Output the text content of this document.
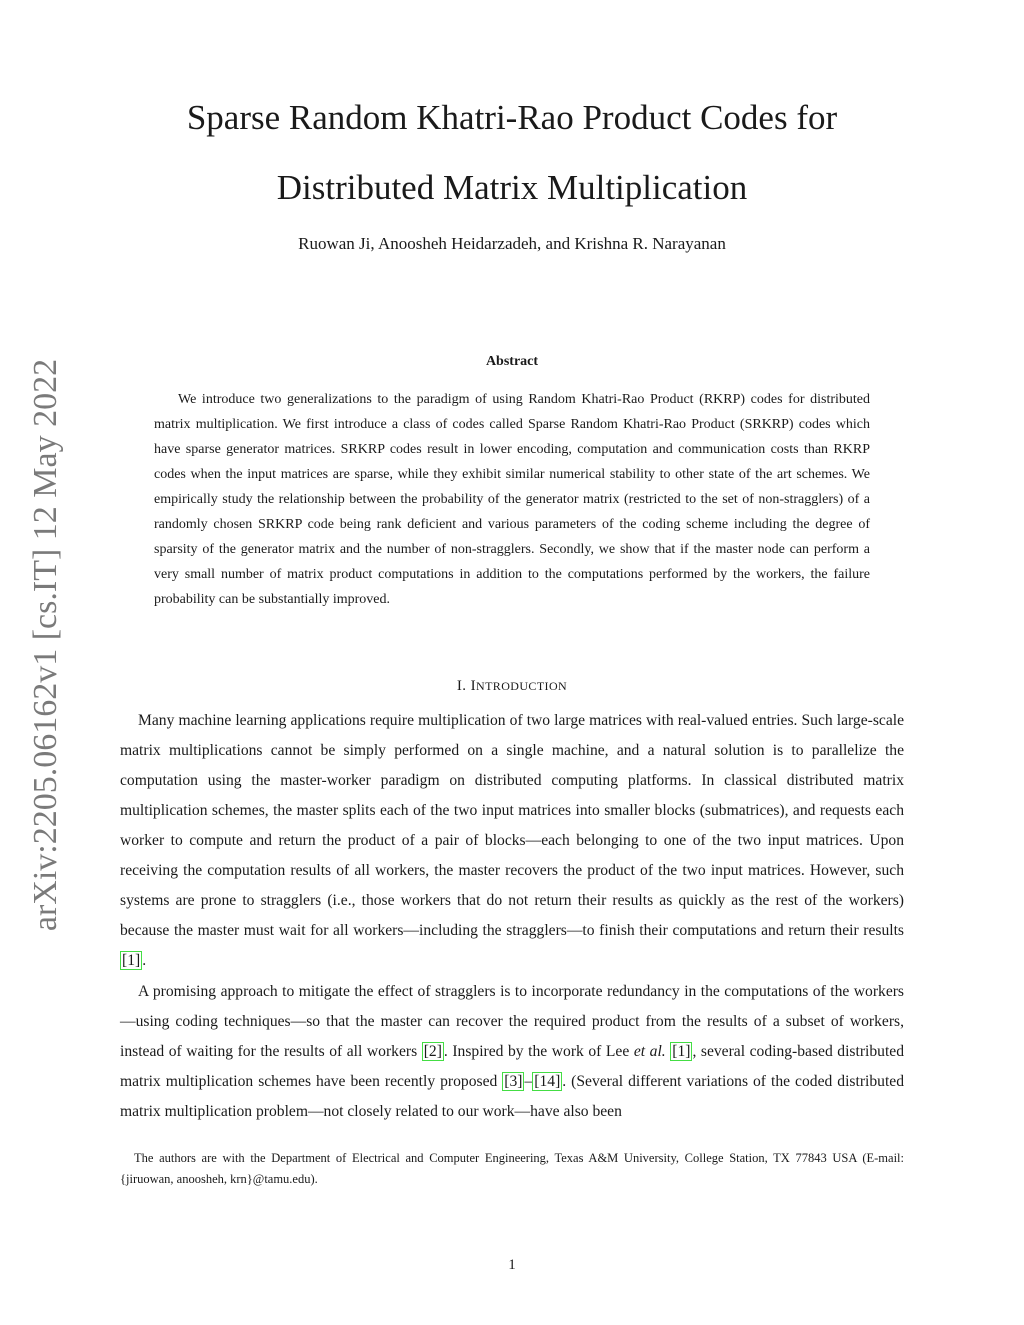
arXiv:2205.06162v1 [cs.IT] 12 May 2022
Sparse Random Khatri-Rao Product Codes for
Distributed Matrix Multiplication
Ruowan Ji, Anoosheh Heidarzadeh, and Krishna R. Narayanan
Abstract

We introduce two generalizations to the paradigm of using Random Khatri-Rao Product (RKRP) codes for distributed matrix multiplication. We first introduce a class of codes called Sparse Random Khatri-Rao Product (SRKRP) codes which have sparse generator matrices. SRKRP codes result in lower encoding, computation and communication costs than RKRP codes when the input matrices are sparse, while they exhibit similar numerical stability to other state of the art schemes. We empirically study the relationship between the probability of the generator matrix (restricted to the set of non-stragglers) of a randomly chosen SRKRP code being rank deficient and various parameters of the coding scheme including the degree of sparsity of the generator matrix and the number of non-stragglers. Secondly, we show that if the master node can perform a very small number of matrix product computations in addition to the computations performed by the workers, the failure probability can be substantially improved.

I. INTRODUCTION

Many machine learning applications require multiplication of two large matrices with real-valued entries. Such large-scale matrix multiplications cannot be simply performed on a single machine, and a natural solution is to parallelize the computation using the master-worker paradigm on distributed computing platforms. In classical distributed matrix multiplication schemes, the master splits each of the two input matrices into smaller blocks (submatrices), and requests each worker to compute and return the product of a pair of blocks—each belonging to one of the two input matrices. Upon receiving the computation results of all workers, the master recovers the product of the two input matrices. However, such systems are prone to stragglers (i.e., those workers that do not return their results as quickly as the rest of the workers) because the master must wait for all workers—including the stragglers—to finish their computations and return their results [1] .

A promising approach to mitigate the effect of stragglers is to incorporate redundancy in the computations of the workers—using coding techniques—so that the master can recover the required product from the results of a subset of workers, instead of waiting for the results of all workers [2] . Inspired by the work of Lee et al. [1] , several coding-based distributed matrix multiplication schemes have been recently proposed [3] – [14] . (Several different variations of the coded distributed matrix multiplication problem—not closely related to our work—have also been

The authors are with the Department of Electrical and Computer Engineering, Texas A&M University, College Station, TX 77843 USA (E-mail: {jiruowan, anoosheh, krn}@tamu.edu).

1
